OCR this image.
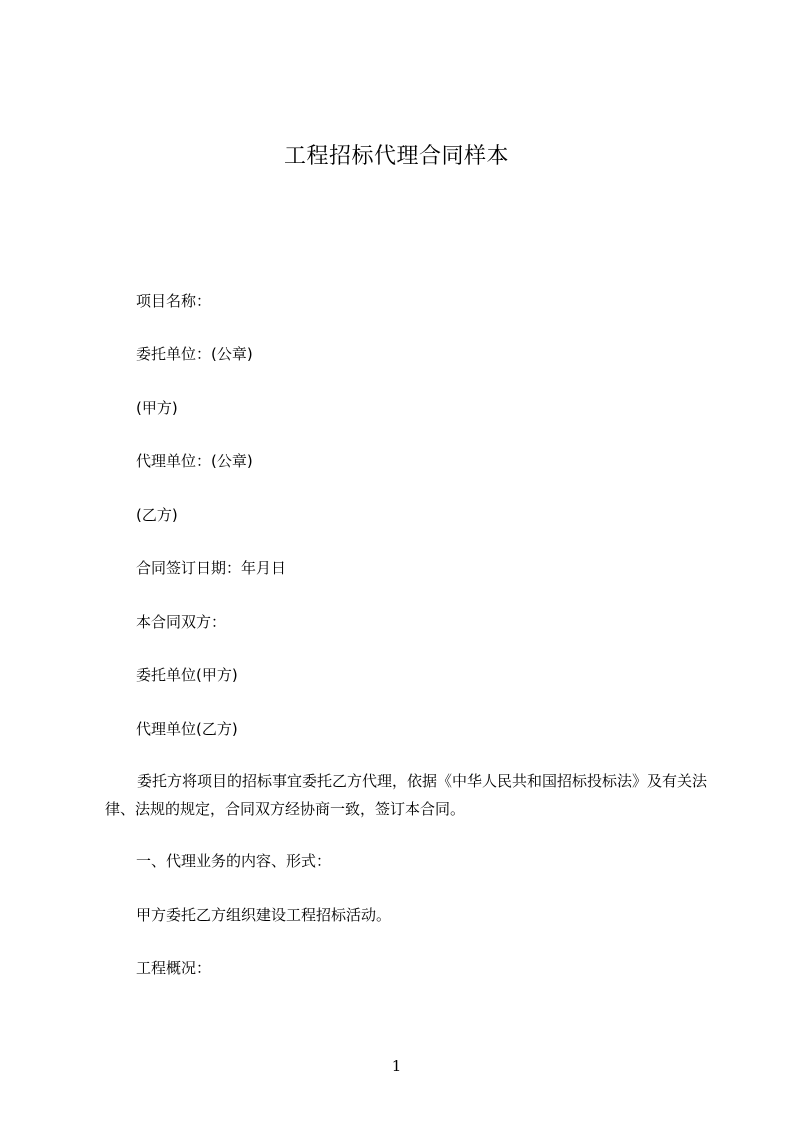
工程招标代理合同样本
项目名称：
委托单位：(公章)
(甲方)
代理单位：(公章)
(乙方)
合同签订日期：年月日
本合同双方：
委托单位(甲方)
代理单位(乙方)
委托方将项目的招标事宜委托乙方代理，依据《中华人民共和国招标投标法》及有关法律、法规的规定，合同双方经协商一致，签订本合同。
一、代理业务的内容、形式：
甲方委托乙方组织建设工程招标活动。
工程概况：
1
